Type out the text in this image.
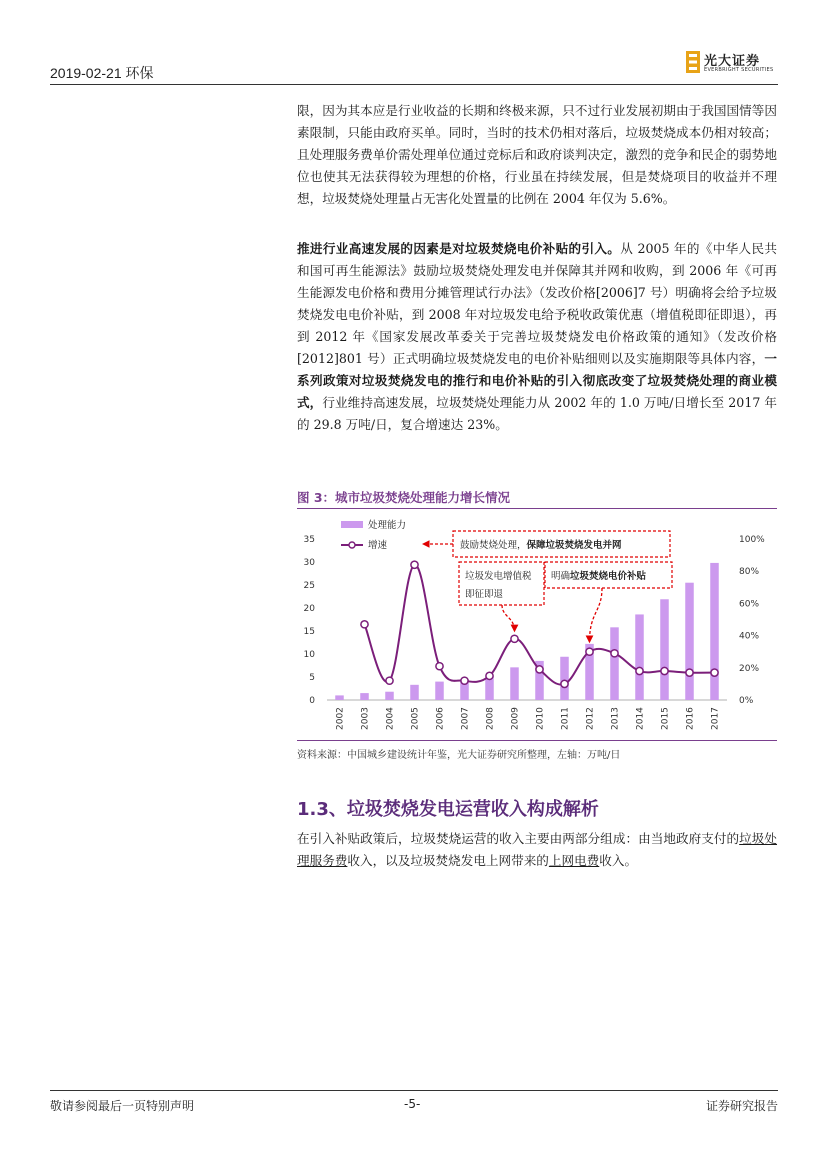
2019-02-21 环保
光大证券
EVERBRIGHT SECURITIES

限，因为其本应是行业收益的长期和终极来源，只不过行业发展初期由于我国国情等因素限制，只能由政府买单。同时，当时的技术仍相对落后，垃圾焚烧成本仍相对较高；且处理服务费单价需处理单位通过竞标后和政府谈判决定，激烈的竞争和民企的弱势地位也使其无法获得较为理想的价格，行业虽在持续发展，但是焚烧项目的收益并不理想，垃圾焚烧处理量占无害化处置量的比例在 2004 年仅为 5.6%。

推进行业高速发展的因素是对垃圾焚烧电价补贴的引入。从 2005 年的《中华人民共和国可再生能源法》鼓励垃圾焚烧处理发电并保障其并网和收购，到 2006 年《可再生能源发电价格和费用分摊管理试行办法》（发改价格[2006]7 号）明确将会给予垃圾焚烧发电电价补贴，到 2008 年对垃圾发电给予税收政策优惠（增值税即征即退），再到 2012 年《国家发展改革委关于完善垃圾焚烧发电价格政策的通知》（发改价格[2012]801 号）正式明确垃圾焚烧发电的电价补贴细则以及实施期限等具体内容，一系列政策对垃圾焚烧发电的推行和电价补贴的引入彻底改变了垃圾焚烧处理的商业模式，行业维持高速发展，垃圾焚烧处理能力从 2002 年的 1.0 万吨/日增长至 2017 年的 29.8 万吨/日，复合增速达 23%。

图 3：城市垃圾焚烧处理能力增长情况
0
5
10
15
20
25
30
35
0%
20%
40%
60%
80%
100%
2002 2003 2004 2005 2006 2007 2008 2009 2010 2011 2012 2013 2014 2015 2016 2017
处理能力
增速	鼓励焚烧处理，保障垃圾焚烧发电并网
垃圾发电增值税
即征即退
明确垃圾焚烧电价补贴
资料来源：中国城乡建设统计年鉴，光大证券研究所整理，左轴：万吨/日
1.3、垃圾焚烧发电运营收入构成解析

在引入补贴政策后，垃圾焚烧运营的收入主要由两部分组成：由当地政府支付的垃圾处理服务费收入，以及垃圾焚烧发电上网带来的上网电费收入。

敬请参阅最后一页特别声明	-5-	证券研究报告
